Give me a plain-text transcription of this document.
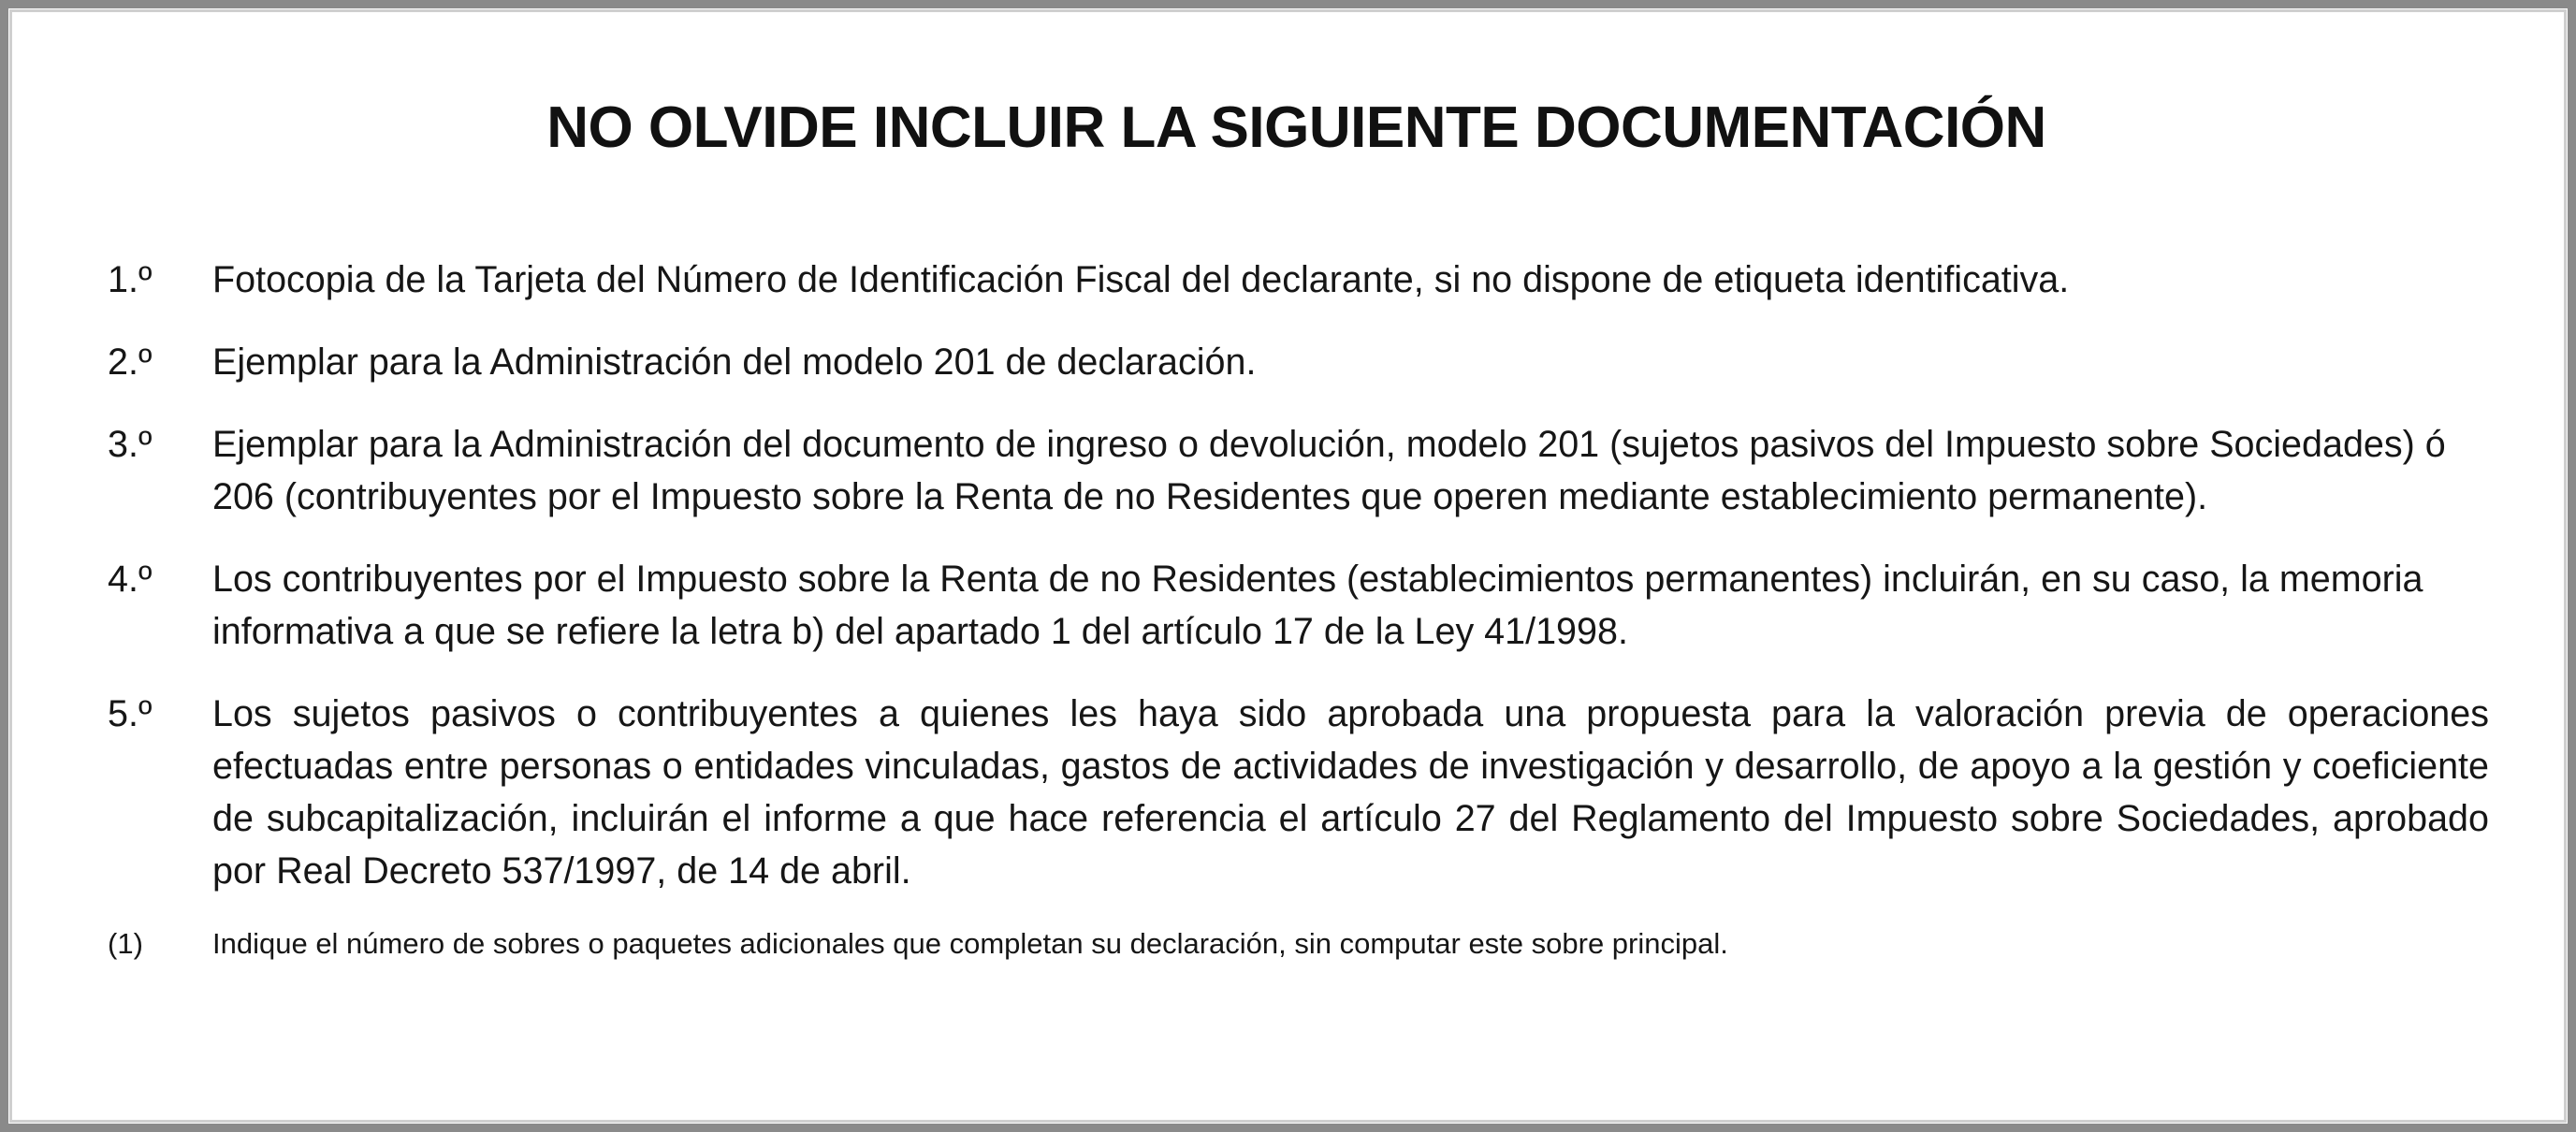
NO OLVIDE INCLUIR LA SIGUIENTE DOCUMENTACIÓN
1.º	Fotocopia de la Tarjeta del Número de Identificación Fiscal del declarante, si no dispone de etiqueta identificativa.
2.º	Ejemplar para la Administración del modelo 201 de declaración.
3.º	Ejemplar para la Administración del documento de ingreso o devolución, modelo 201 (sujetos pasivos del Impuesto sobre Sociedades) ó 206 (contribuyentes por el Impuesto sobre la Renta de no Residentes que operen mediante establecimiento permanente).
4.º	Los contribuyentes por el Impuesto sobre la Renta de no Residentes (establecimientos permanentes) incluirán, en su caso, la memoria informativa a que se refiere la letra b) del apartado 1 del artículo 17 de la Ley 41/1998.
5.º	Los sujetos pasivos o contribuyentes a quienes les haya sido aprobada una propuesta para la valoración previa de operaciones efectuadas entre personas o entidades vinculadas, gastos de actividades de investigación y desarrollo, de apoyo a la gestión y coeficiente de subcapitalización, incluirán el informe a que hace referencia el artículo 27 del Reglamento del Impuesto sobre Sociedades, aprobado por Real Decreto 537/1997, de 14 de abril.
(1)	Indique el número de sobres o paquetes adicionales que completan su declaración, sin computar este sobre principal.
